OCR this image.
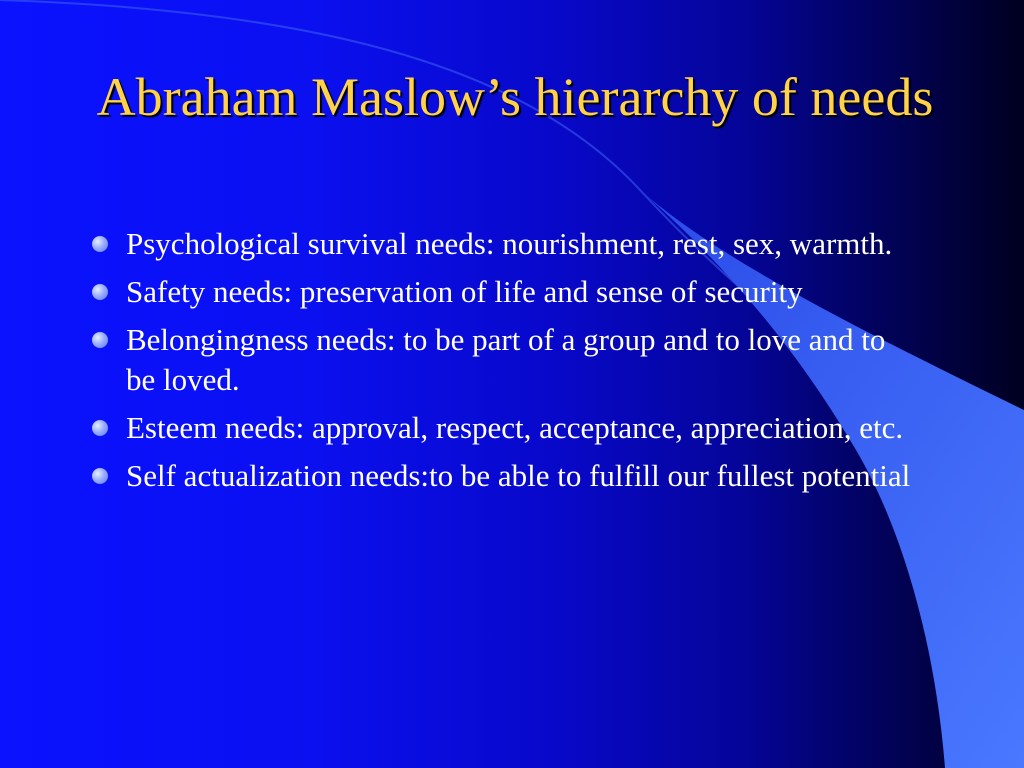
Abraham Maslow’s hierarchy of needs
Psychological survival needs: nourishment, rest, sex, warmth.
Safety needs: preservation of life and sense of security
Belongingness needs: to be part of a group and to love and to be loved.
Esteem needs: approval, respect, acceptance, appreciation, etc.
Self actualization needs:to be able to fulfill our fullest potential
